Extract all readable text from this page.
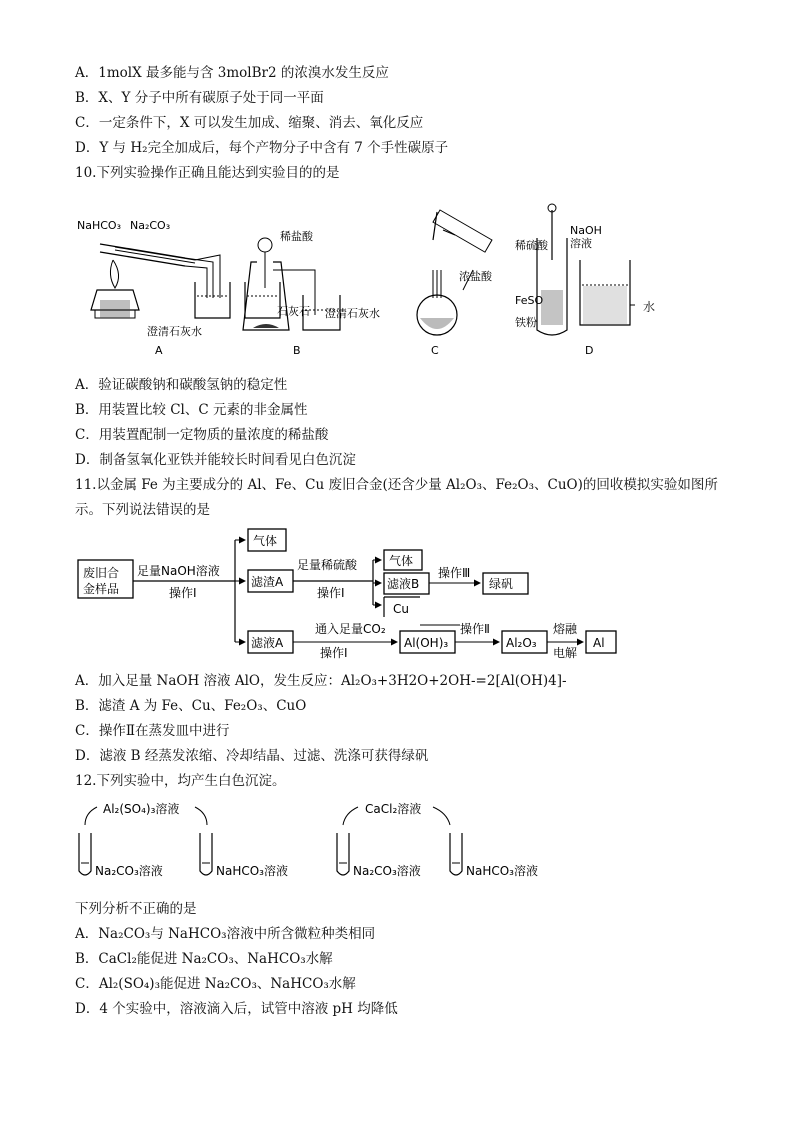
A．1molX 最多能与含 3molBr2 的浓溴水发生反应
B．X、Y 分子中所有碳原子处于同一平面
C．一定条件下，X 可以发生加成、缩聚、消去、氧化反应
D．Y 与 H₂完全加成后，每个产物分子中含有 7 个手性碳原子
10.下列实验操作正确且能达到实验目的的是
NaHCO₃ Na₂CO₃
澄清石灰水
A
稀盐酸
石灰石 澄清石灰水
B
浓盐酸
C
NaOH
溶液
稀硫酸
FeSO
铁粉
D
水
A．验证碳酸钠和碳酸氢钠的稳定性
B．用装置比较 Cl、C 元素的非金属性
C．用装置配制一定物质的量浓度的稀盐酸
D．制备氢氧化亚铁并能较长时间看见白色沉淀
11.以金属 Fe 为主要成分的 Al、Fe、Cu 废旧合金(还含少量 Al₂O₃、Fe₂O₃、CuO)的回收模拟实验如图所
示。下列说法错误的是
废旧合
金样品
足量NaOH溶液
操作Ⅰ
气体
滤渣A
足量稀硫酸
操作Ⅰ
气体
滤液B
操作Ⅲ
绿矾
Cu
滤液A
通入足量CO₂
操作Ⅰ
Al(OH)₃
操作Ⅱ
Al₂O₃
熔融
电解
Al
A．加入足量 NaOH 溶液 AlO，发生反应：Al₂O₃+3H2O+2OH-=2[Al(OH)4]-
B．滤渣 A 为 Fe、Cu、Fe₂O₃、CuO
C．操作Ⅱ在蒸发皿中进行
D．滤液 B 经蒸发浓缩、冷却结晶、过滤、洗涤可获得绿矾
12.下列实验中，均产生白色沉淀。
Al₂(SO₄)₃溶液
Na₂CO₃溶液	NaHCO₃溶液
CaCl₂溶液
Na₂CO₃溶液	NaHCO₃溶液
下列分析不正确的是
A．Na₂CO₃与 NaHCO₃溶液中所含微粒种类相同
B．CaCl₂能促进 Na₂CO₃、NaHCO₃水解
C．Al₂(SO₄)₃能促进 Na₂CO₃、NaHCO₃水解
D．4 个实验中，溶液滴入后，试管中溶液 pH 均降低
